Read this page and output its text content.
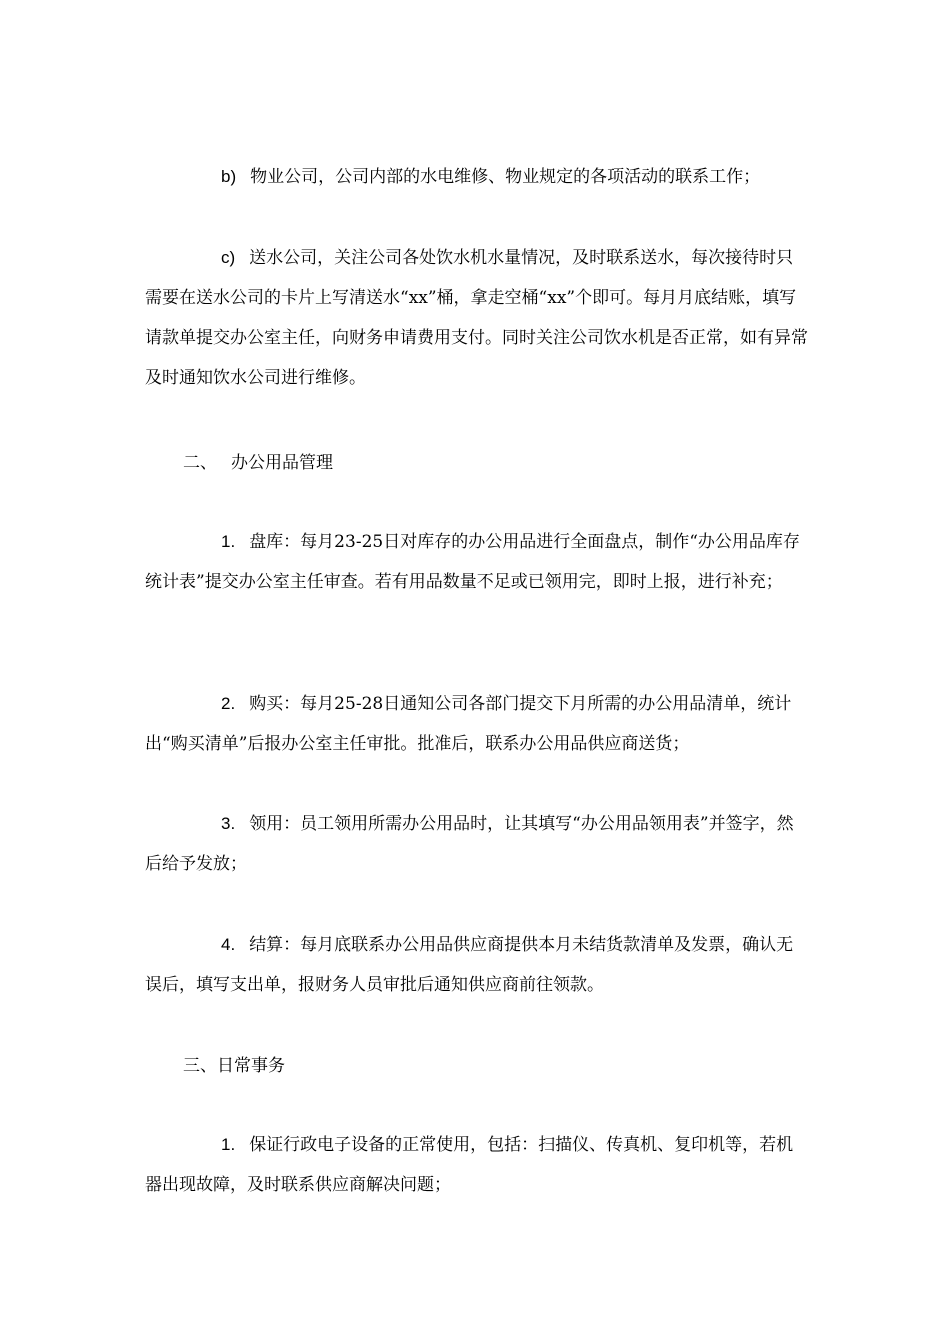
b) 物业公司，公司内部的水电维修、物业规定的各项活动的联系工作；

c) 送水公司，关注公司各处饮水机水量情况，及时联系送水，每次接待时只需要在送水公司的卡片上写清送水“xx”桶，拿走空桶“xx”个即可。每月月底结账，填写请款单提交办公室主任，向财务申请费用支付。同时关注公司饮水机是否正常，如有异常及时通知饮水公司进行维修。

二、 办公用品管理

1. 盘库：每月23-25日对库存的办公用品进行全面盘点，制作“办公用品库存统计表”提交办公室主任审查。若有用品数量不足或已领用完，即时上报，进行补充；

2. 购买：每月25-28日通知公司各部门提交下月所需的办公用品清单，统计出“购买清单”后报办公室主任审批。批准后，联系办公用品供应商送货；

3. 领用：员工领用所需办公用品时，让其填写“办公用品领用表”并签字，然后给予发放；

4. 结算：每月底联系办公用品供应商提供本月未结货款清单及发票，确认无误后，填写支出单，报财务人员审批后通知供应商前往领款。

三、日常事务

1. 保证行政电子设备的正常使用，包括：扫描仪、传真机、复印机等，若机器出现故障，及时联系供应商解决问题；
